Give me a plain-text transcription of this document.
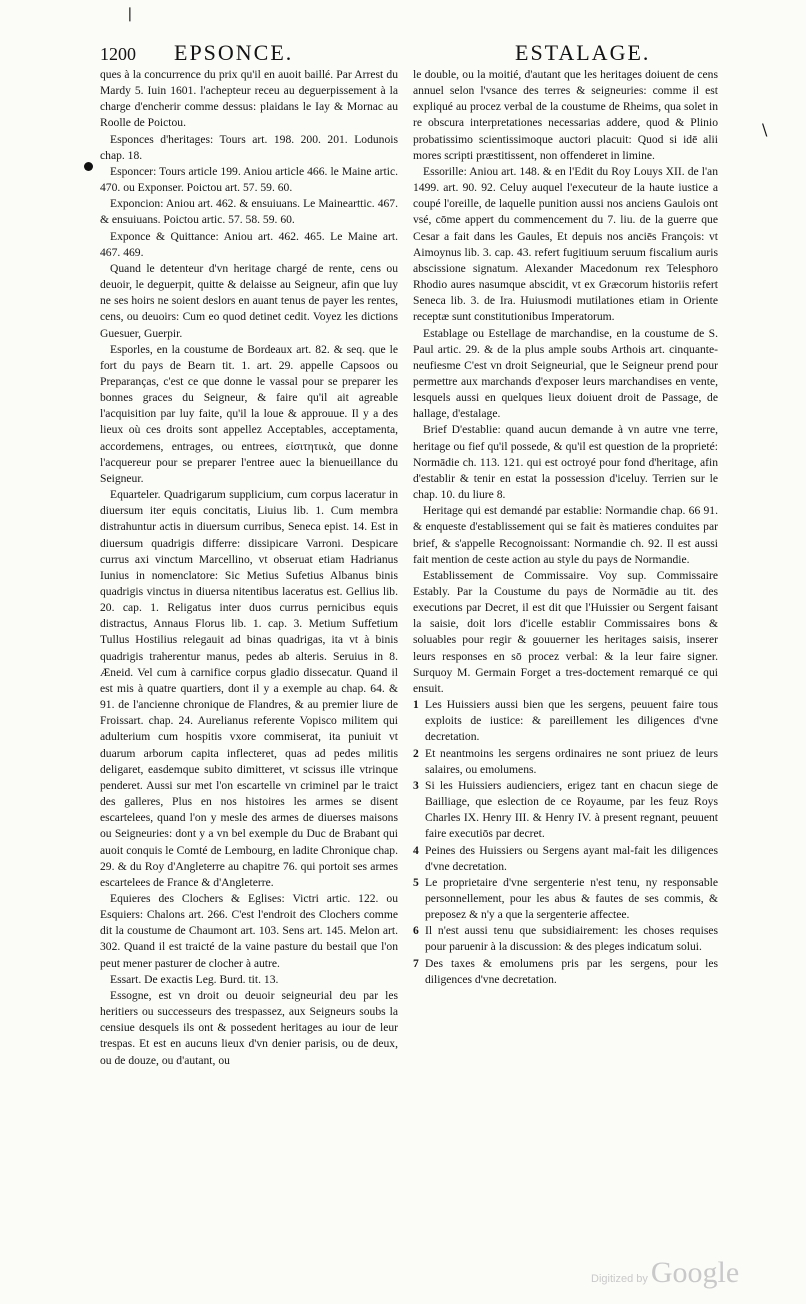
❘
\
1200 EPSONCE.	ESTALAGE.

ques à la concurrence du prix qu'il en auoit baillé. Par Arrest du Mardy 5. Iuin 1601. l'achepteur receu au deguerpissement à la charge d'encherir comme dessus: plaidans le Iay & Mornac au Roolle de Poictou.

Esponces d'heritages: Tours art. 198. 200. 201. Lodunois chap. 18.

Esponcer: Tours article 199. Aniou article 466. le Maine artic. 470. ou Exponser. Poictou art. 57. 59. 60.

Exponcion: Aniou art. 462. & ensuiuans. Le Mainearttic. 467. & ensuiuans. Poictou artic. 57. 58. 59. 60.

Exponce & Quittance: Aniou art. 462. 465. Le Maine art. 467. 469.

Quand le detenteur d'vn heritage chargé de rente, cens ou deuoir, le deguerpit, quitte & delaisse au Seigneur, afin que luy ne ses hoirs ne soient deslors en auant tenus de payer les rentes, cens, ou deuoirs: Cum eo quod detinet cedit. Voyez les dictions Guesuer, Guerpir.

Esporles, en la coustume de Bordeaux art. 82. & seq. que le fort du pays de Bearn tit. 1. art. 29. appelle Capsoos ou Preparanças, c'est ce que donne le vassal pour se preparer les bonnes graces du Seigneur, & faire qu'il ait agreable l'acquisition par luy faite, qu'il la loue & approuue. Il y a des lieux où ces droits sont appellez Acceptables, acceptamenta, accordemens, entrages, ou entrees, εἰσιτητικὰ, que donne l'acquereur pour se preparer l'entree auec la bienueillance du Seigneur.

Equarteler. Quadrigarum supplicium, cum corpus laceratur in diuersum iter equis concitatis, Liuius lib. 1. Cum membra distrahuntur actis in diuersum curribus, Seneca epist. 14. Est in diuersum quadrigis differre: dissipicare Varroni. Despicare currus axi vinctum Marcellino, vt obseruat etiam Hadrianus Iunius in nomenclatore: Sic Metius Sufetius Albanus binis quadrigis vinctus in diuersa nitentibus laceratus est. Gellius lib. 20. cap. 1. Religatus inter duos currus pernicibus equis distractus, Annaus Florus lib. 1. cap. 3. Metium Suffetium Tullus Hostilius relegauit ad binas quadrigas, ita vt à binis quadrigis traherentur manus, pedes ab alteris. Seruius in 8. Æneid. Vel cum à carnifice corpus gladio dissecatur. Quand il est mis à quatre quartiers, dont il y a exemple au chap. 64. & 91. de l'ancienne chronique de Flandres, & au premier liure de Froissart. chap. 24. Aurelianus referente Vopisco militem qui adulterium cum hospitis vxore commiserat, ita puniuit vt duarum arborum capita inflecteret, quas ad pedes militis deligaret, easdemque subito dimitteret, vt scissus ille vtrinque penderet. Aussi sur met l'on escartelle vn criminel par le traict des galleres, Plus en nos histoires les armes se disent escartelees, quand l'on y mesle des armes de diuerses maisons ou Seigneuries: dont y a vn bel exemple du Duc de Brabant qui auoit conquis le Comté de Lembourg, en ladite Chronique chap. 29. & du Roy d'Angleterre au chapitre 76. qui portoit ses armes escartelees de France & d'Angleterre.

Equieres des Clochers & Eglises: Victri artic. 122. ou Esquiers: Chalons art. 266. C'est l'endroit des Clochers comme dit la coustume de Chaumont art. 103. Sens art. 145. Melon art. 302. Quand il est traicté de la vaine pasture du bestail que l'on peut mener pasturer de clocher à autre.

Essart. De exactis Leg. Burd. tit. 13.

Essogne, est vn droit ou deuoir seigneurial deu par les heritiers ou successeurs des trespassez, aux Seigneurs soubs la censiue desquels ils ont & possedent heritages au iour de leur trespas. Et est en aucuns lieux d'vn denier parisis, ou de deux, ou de douze, ou d'autant, ou

le double, ou la moitié, d'autant que les heritages doiuent de cens annuel selon l'vsance des terres & seigneuries: comme il est expliqué au procez verbal de la coustume de Rheims, qua solet in re obscura interpretationes necessarias addere, quod & Plinio probatissimo scientissimoque auctori placuit: Quod si idē alii mores scripti præstitissent, non offenderet in limine.

Essorille: Aniou art. 148. & en l'Edit du Roy Louys XII. de l'an 1499. art. 90. 92. Celuy auquel l'executeur de la haute iustice a coupé l'oreille, de laquelle punition aussi nos anciens Gaulois ont vsé, cōme appert du commencement du 7. liu. de la guerre que Cesar a fait dans les Gaules, Et depuis nos anciēs François: vt Aimoynus lib. 3. cap. 43. refert fugitiuum seruum fiscalium auris abscissione signatum. Alexander Macedonum rex Telesphoro Rhodio aures nasumque abscidit, vt ex Græcorum historiis refert Seneca lib. 3. de Ira. Huiusmodi mutilationes etiam in Oriente receptæ sunt constitutionibus Imperatorum.

Establage ou Estellage de marchandise, en la coustume de S. Paul artic. 29. & de la plus ample soubs Arthois art. cinquante-neufiesme C'est vn droit Seigneurial, que le Seigneur prend pour permettre aux marchands d'exposer leurs marchandises en vente, lesquels aussi en quelques lieux doiuent droit de Passage, de hallage, d'estalage.

Brief D'establie: quand aucun demande à vn autre vne terre, heritage ou fief qu'il possede, & qu'il est question de la proprieté: Normādie ch. 113. 121. qui est octroyé pour fond d'heritage, afin d'establir & tenir en estat la possession d'iceluy. Terrien sur le chap. 10. du liure 8.

Heritage qui est demandé par establie: Normandie chap. 66 91. & enqueste d'establissement qui se fait ès matieres conduites par brief, & s'appelle Recognoissant: Normandie ch. 92. Il est aussi fait mention de ceste action au style du pays de Normandie.

Establissement de Commissaire. Voy sup. Commissaire Estably. Par la Coustume du pays de Normādie au tit. des executions par Decret, il est dit que l'Huissier ou Sergent faisant la saisie, doit lors d'icelle establir Commissaires bons & soluables pour regir & gouuerner les heritages saisis, inserer leurs responses en sō procez verbal: & la leur faire signer. Surquoy M. Germain Forget a tres-doctement remarqué ce qui ensuit.

1 Les Huissiers aussi bien que les sergens, peuuent faire tous exploits de iustice: & pareillement les diligences d'vne decretation.
2 Et neantmoins les sergens ordinaires ne sont priuez de leurs salaires, ou emolumens.
3 Si les Huissiers audienciers, erigez tant en chacun siege de Bailliage, que eslection de ce Royaume, par les feuz Roys Charles IX. Henry III. & Henry IV. à present regnant, peuuent faire executiōs par decret.
4 Peines des Huissiers ou Sergens ayant mal-fait les diligences d'vne decretation.
5 Le proprietaire d'vne sergenterie n'est tenu, ny responsable personnellement, pour les abus & fautes de ses commis, & preposez & n'y a que la sergenterie affectee.
6 Il n'est aussi tenu que subsidiairement: les choses requises pour paruenir à la discussion: & des pleges indicatum solui.
7 Des taxes & emolumens pris par les sergens, pour les diligences d'vne decretation.
Digitized by Google
